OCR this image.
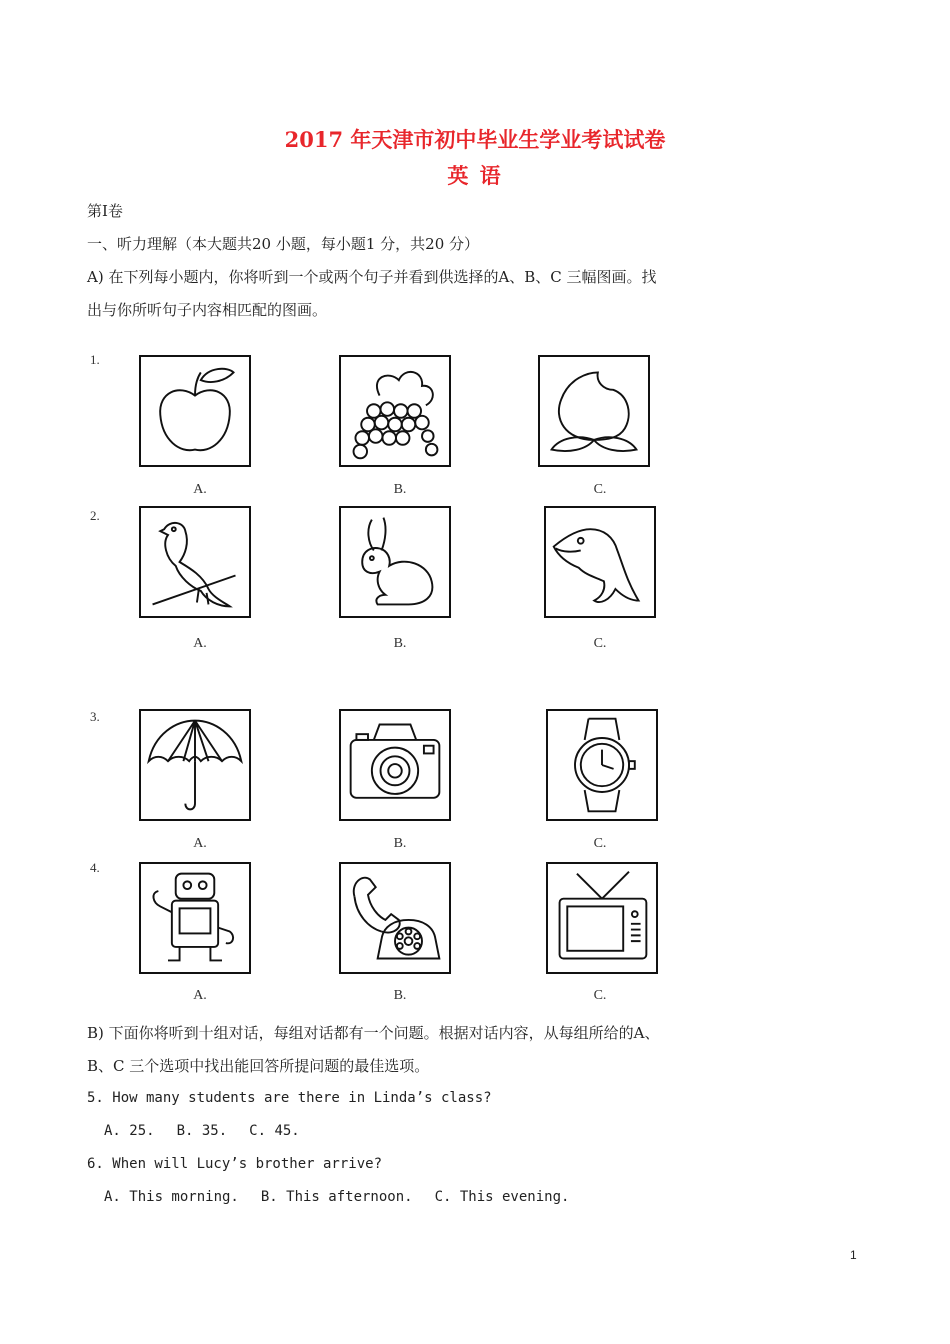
2017 年天津市初中毕业生学业考试试卷
英 语
第Ⅰ卷
一、听力理解（本大题共20 小题，每小题1 分，共20 分）
A) 在下列每小题内，你将听到一个或两个句子并看到供选择的A、B、C 三幅图画。找
出与你所听句子内容相匹配的图画。
1.
A.	B.	C.
2.
A.	B.	C.
3.
A.	B.	C.
4.
A.	B.	C.
B) 下面你将听到十组对话，每组对话都有一个问题。根据对话内容，从每组所给的A、
B、C 三个选项中找出能回答所提问题的最佳选项。
5. How many students are there in Linda’s class?
A. 25. B. 35. C. 45.
6. When will Lucy’s brother arrive?
A. This morning. B. This afternoon. C. This evening.
1
